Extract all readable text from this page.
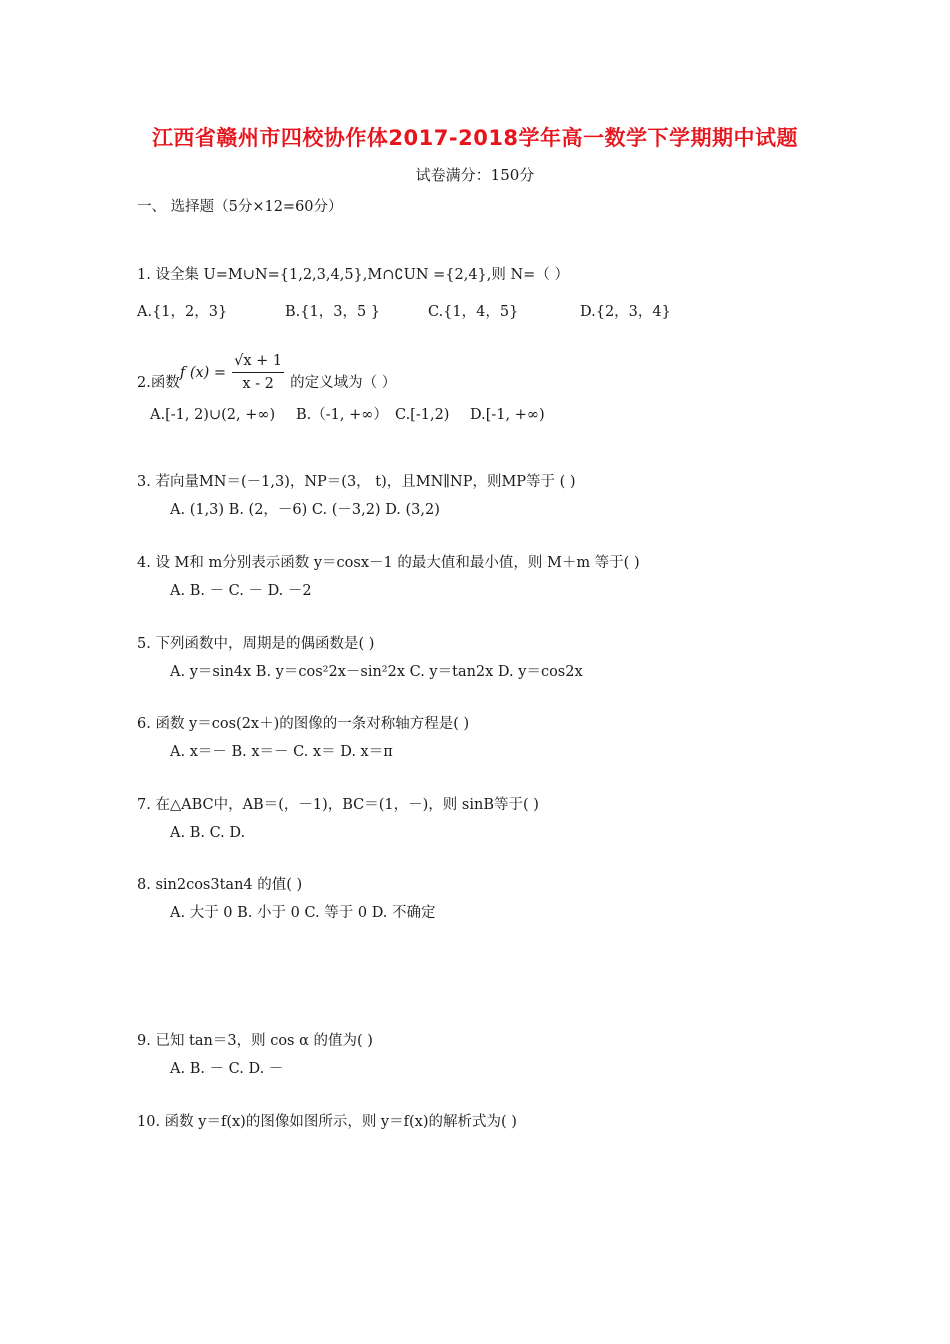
江西省赣州市四校协作体2017-2018学年高一数学下学期期中试题
试卷满分：150分
一、 选择题（5分×12=60分）
1. 设全集 U=M∪N={1,2,3,4,5},M∩∁UN ={2,4},则 N=（ ）
A.{1，2，3}	B.{1，3，5 }	C.{1，4，5}	D.{2，3，4}
2.函数f $(x) = \frac{√x + 1}{x - 2}$ 的定义域为（ ）
A.[-1, 2)∪(2, +∞) B.（-1, +∞） C.[-1,2) D.[-1, +∞)
3. 若向量MN＝(－1,3)，NP＝(3， t)，且MN∥NP，则MP等于 ( )
A. (1,3) B. (2，－6) C. (－3,2) D. (3,2)
4. 设 M和 m分别表示函数 y＝cosx－1 的最大值和最小值，则 M＋m 等于( )
A. B. － C. － D. －2
5. 下列函数中，周期是的偶函数是( )
A. y＝sin4x B. y＝cos²2x－sin²2x C. y＝tan2x D. y＝cos2x
6. 函数 y＝cos(2x＋)的图像的一条对称轴方程是( )
A. x＝－ B. x＝－ C. x＝ D. x＝π
7. 在△ABC中，AB＝(，－1)，BC＝(1，－)，则 sinB等于( )
A. B. C. D.
8. sin2cos3tan4 的值( )
A. 大于 0 B. 小于 0 C. 等于 0 D. 不确定
9. 已知 tan＝3，则 cos α 的值为( )
A. B. － C. D. －
10. 函数 y＝f(x)的图像如图所示，则 y＝f(x)的解析式为( )
